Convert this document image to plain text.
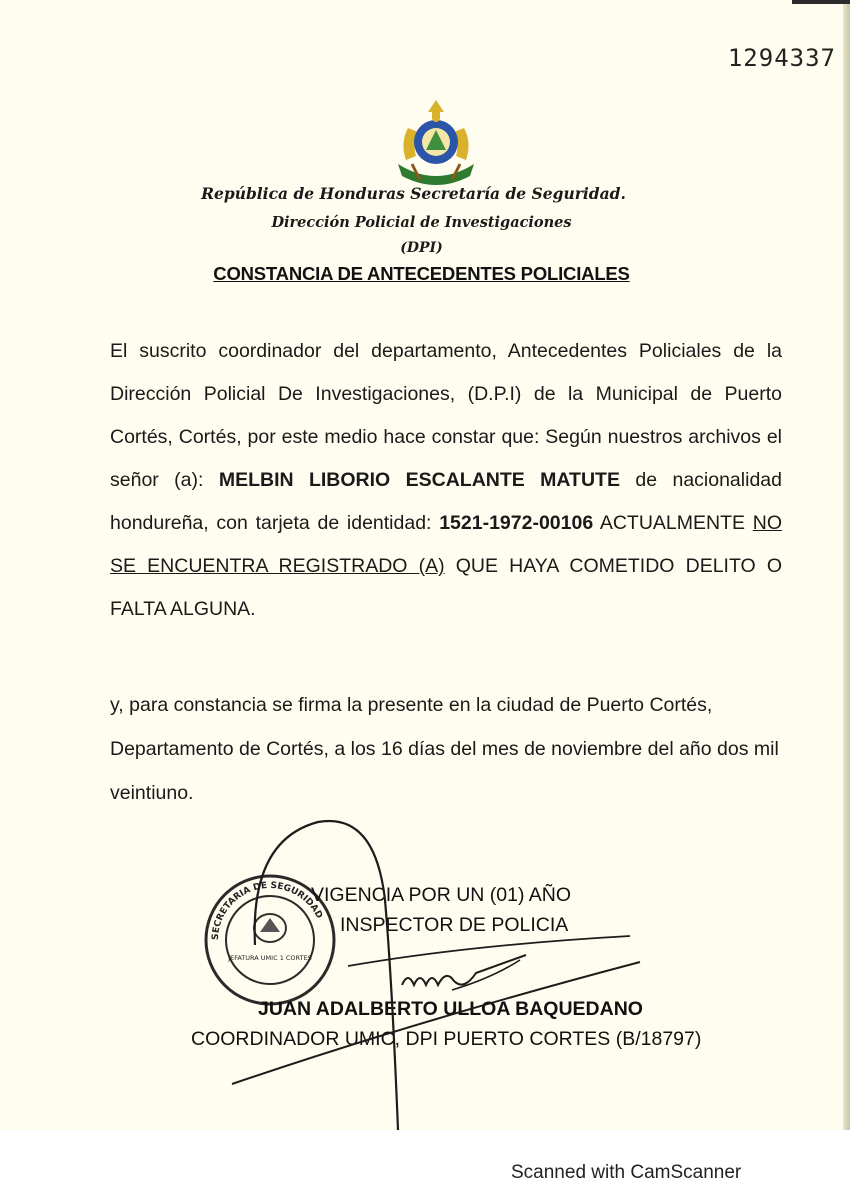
1294337
República de Honduras Secretaría de Seguridad.
Dirección Policial de Investigaciones
(DPI)
CONSTANCIA DE ANTECEDENTES POLICIALES
El suscrito coordinador del departamento, Antecedentes Policiales de la Dirección Policial De Investigaciones, (D.P.I) de la Municipal de Puerto Cortés, Cortés, por este medio hace constar que: Según nuestros archivos el señor (a): MELBIN LIBORIO ESCALANTE MATUTE de nacionalidad hondureña, con tarjeta de identidad: 1521-1972-00106 ACTUALMENTE NO SE ENCUENTRA REGISTRADO (A) QUE HAYA COMETIDO DELITO O FALTA ALGUNA.
y, para constancia se firma la presente en la ciudad de Puerto Cortés, Departamento de Cortés, a los 16 días del mes de noviembre del año dos mil veintiuno.
SECRETARIA DE SEGURIDAD
JEFATURA UMIC 1 CORTES
VIGENCIA POR UN (01) AÑO
INSPECTOR DE POLICIA
JUAN ADALBERTO ULLOA BAQUEDANO
COORDINADOR UMIC, DPI PUERTO CORTES (B/18797)
Scanned with CamScanner
